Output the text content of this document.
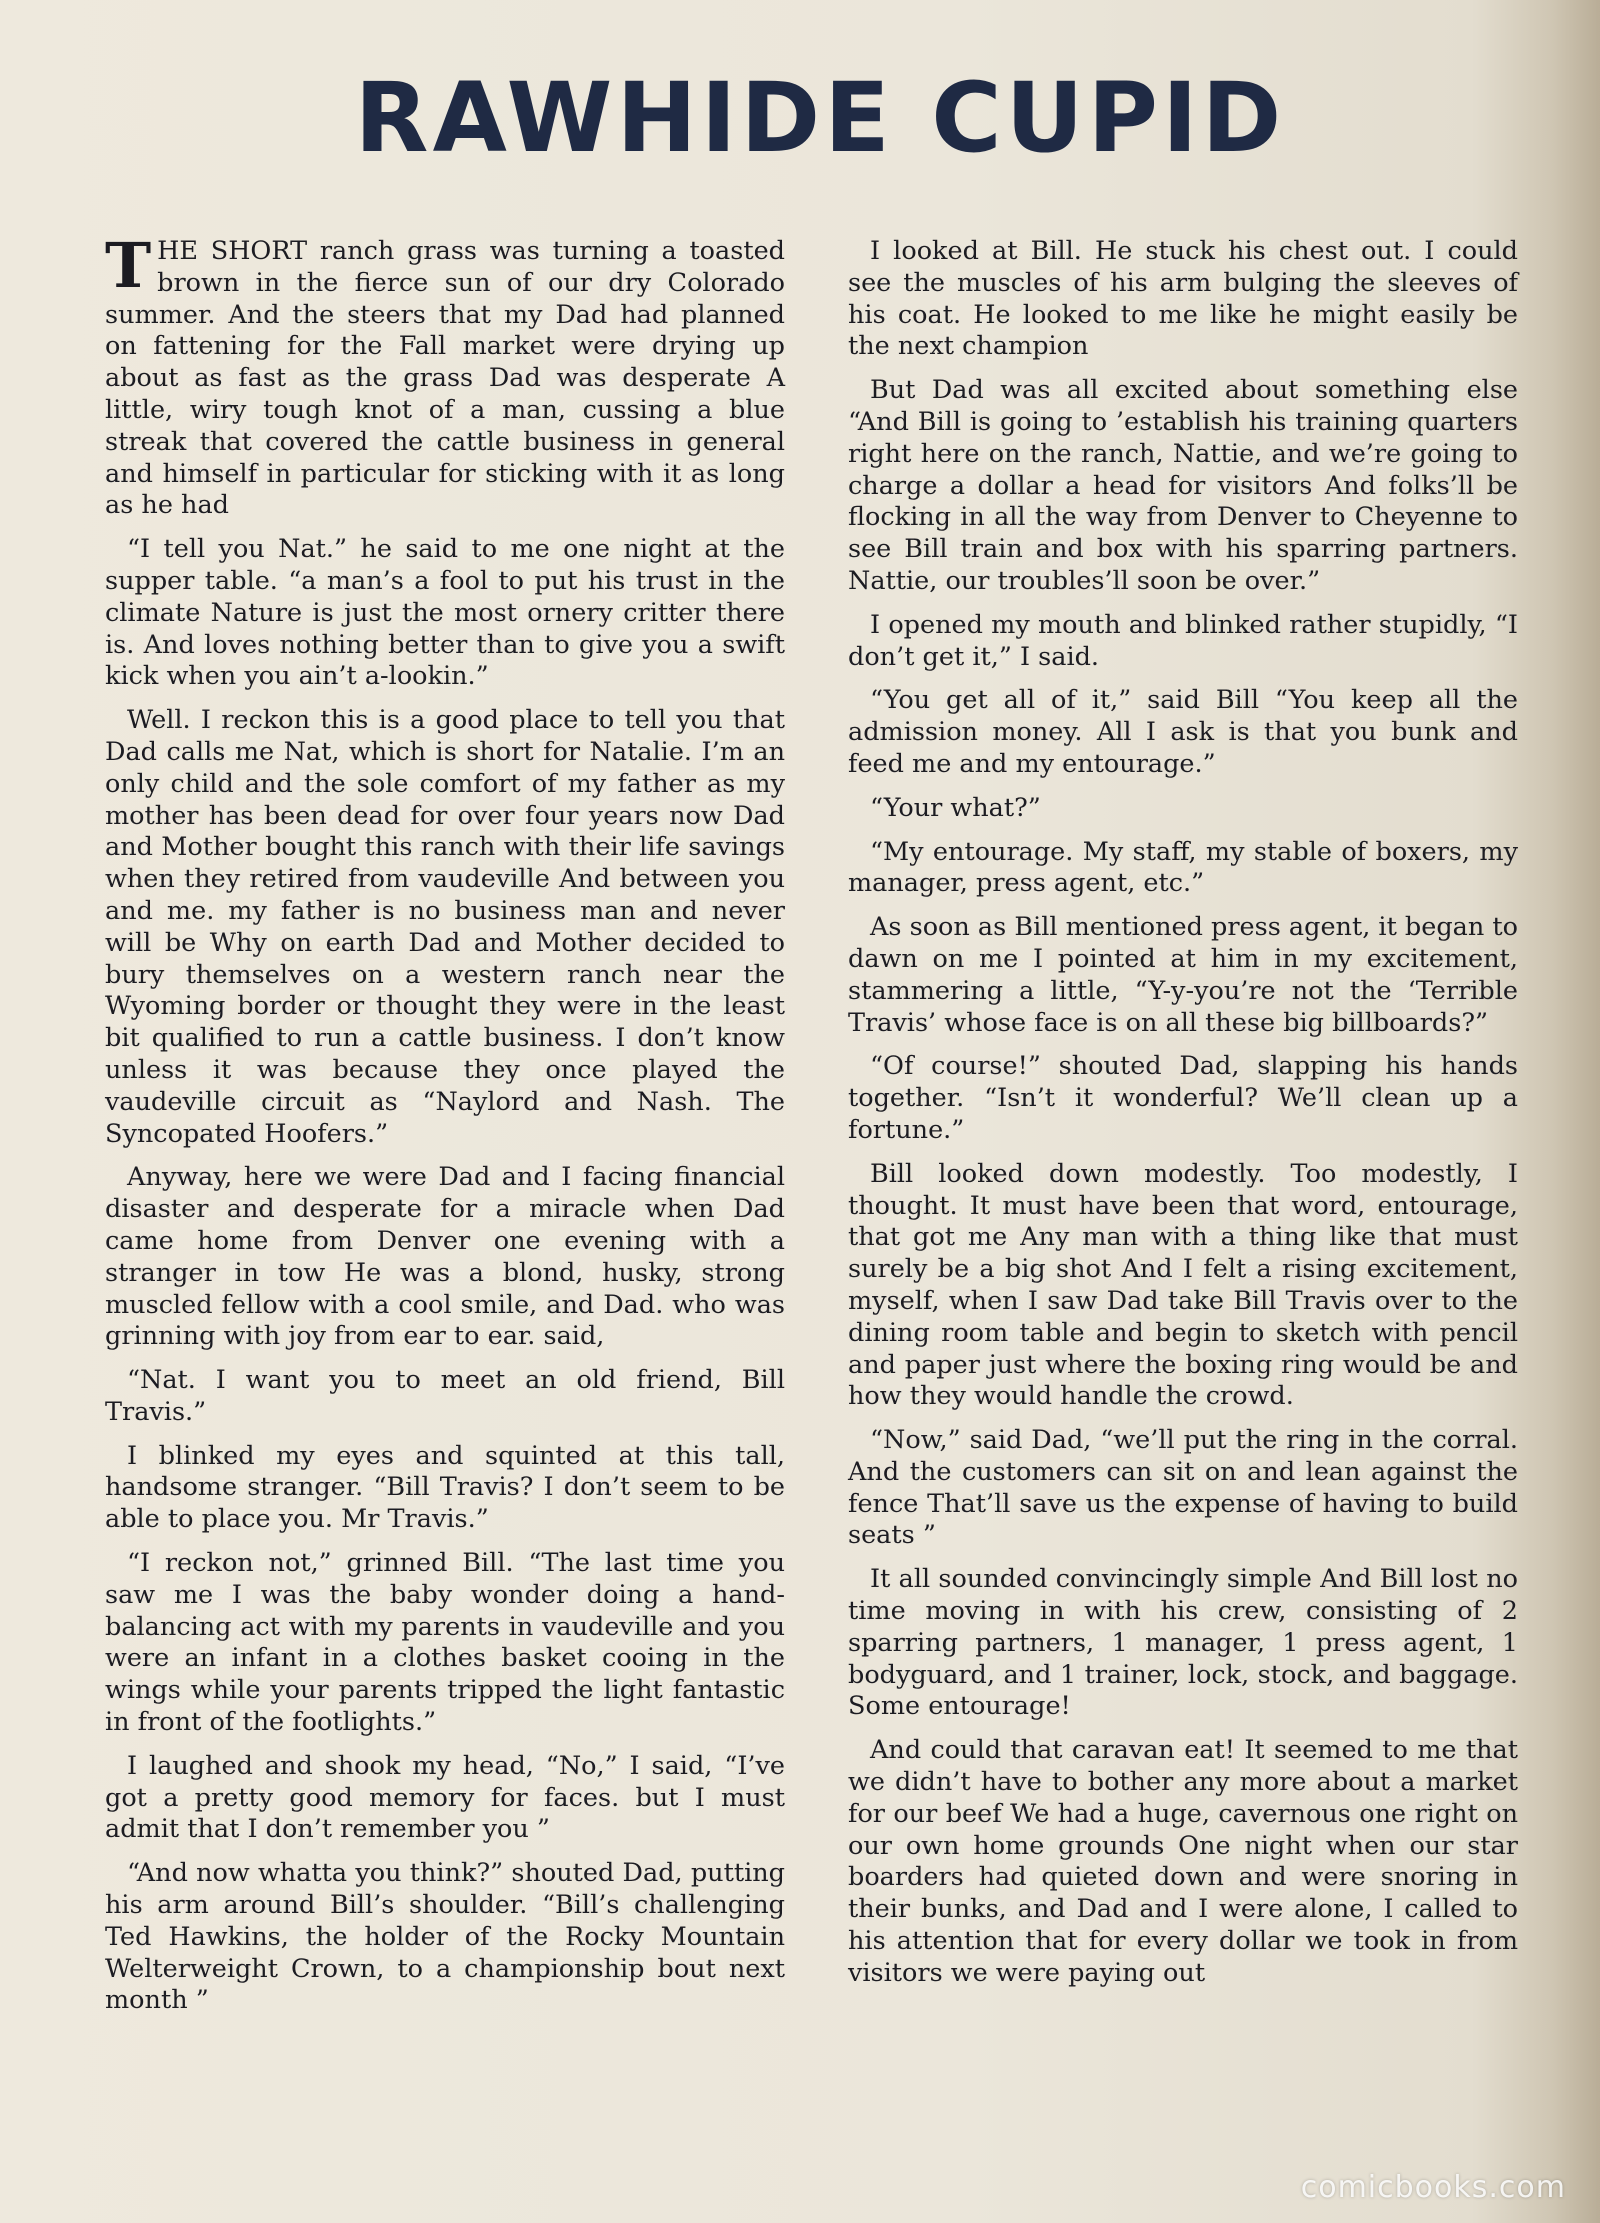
RAWHIDE CUPID

THE SHORT ranch grass was turning a toasted brown in the fierce sun of our dry Colorado summer. And the steers that my Dad had planned on fattening for the Fall market were drying up about as fast as the grass Dad was desperate A little, wiry tough knot of a man, cussing a blue streak that covered the cattle business in general and himself in particular for sticking with it as long as he had

“I tell you Nat.” he said to me one night at the supper table. “a man’s a fool to put his trust in the climate Nature is just the most ornery critter there is. And loves nothing better than to give you a swift kick when you ain’t a-lookin.”

Well. I reckon this is a good place to tell you that Dad calls me Nat, which is short for Natalie. I’m an only child and the sole comfort of my father as my mother has been dead for over four years now Dad and Mother bought this ranch with their life savings when they retired from vaudeville And between you and me. my father is no business man and never will be Why on earth Dad and Mother decided to bury themselves on a western ranch near the Wyoming border or thought they were in the least bit qualified to run a cattle business. I don’t know unless it was because they once played the vaudeville circuit as “Naylord and Nash. The Syncopated Hoofers.”

Anyway, here we were Dad and I facing financial disaster and desperate for a miracle when Dad came home from Denver one evening with a stranger in tow He was a blond, husky, strong muscled fellow with a cool smile, and Dad. who was grinning with joy from ear to ear. said,

“Nat. I want you to meet an old friend, Bill Travis.”

I blinked my eyes and squinted at this tall, handsome stranger. “Bill Travis? I don’t seem to be able to place you. Mr Travis.”

“I reckon not,” grinned Bill. “The last time you saw me I was the baby wonder doing a hand-balancing act with my parents in vaudeville and you were an infant in a clothes basket cooing in the wings while your parents tripped the light fantastic in front of the footlights.”

I laughed and shook my head, “No,” I said, “I’ve got a pretty good memory for faces. but I must admit that I don’t remember you ”

“And now whatta you think?” shouted Dad, putting his arm around Bill’s shoulder. “Bill’s challenging Ted Hawkins, the holder of the Rocky Mountain Welterweight Crown, to a championship bout next month ”

I looked at Bill. He stuck his chest out. I could see the muscles of his arm bulging the sleeves of his coat. He looked to me like he might easily be the next champion

But Dad was all excited about something else “And Bill is going to ’establish his training quarters right here on the ranch, Nattie, and we’re going to charge a dollar a head for visitors And folks’ll be flocking in all the way from Denver to Cheyenne to see Bill train and box with his sparring partners. Nattie, our troubles’ll soon be over.”

I opened my mouth and blinked rather stupidly, “I don’t get it,” I said.

“You get all of it,” said Bill “You keep all the admission money. All I ask is that you bunk and feed me and my entourage.”

“Your what?”

“My entourage. My staff, my stable of boxers, my manager, press agent, etc.”

As soon as Bill mentioned press agent, it began to dawn on me I pointed at him in my excitement, stammering a little, “Y-y-you’re not the ‘Terrible Travis’ whose face is on all these big billboards?”

“Of course!” shouted Dad, slapping his hands together. “Isn’t it wonderful? We’ll clean up a fortune.”

Bill looked down modestly. Too modestly, I thought. It must have been that word, entourage, that got me Any man with a thing like that must surely be a big shot And I felt a rising excitement, myself, when I saw Dad take Bill Travis over to the dining room table and begin to sketch with pencil and paper just where the boxing ring would be and how they would handle the crowd.

“Now,” said Dad, “we’ll put the ring in the corral. And the customers can sit on and lean against the fence That’ll save us the expense of having to build seats ”

It all sounded convincingly simple And Bill lost no time moving in with his crew, consisting of 2 sparring partners, 1 manager, 1 press agent, 1 bodyguard, and 1 trainer, lock, stock, and baggage. Some entourage!

And could that caravan eat! It seemed to me that we didn’t have to bother any more about a market for our beef We had a huge, cavernous one right on our own home grounds One night when our star boarders had quieted down and were snoring in their bunks, and Dad and I were alone, I called to his attention that for every dollar we took in from visitors we were paying out

comicbooks.com
